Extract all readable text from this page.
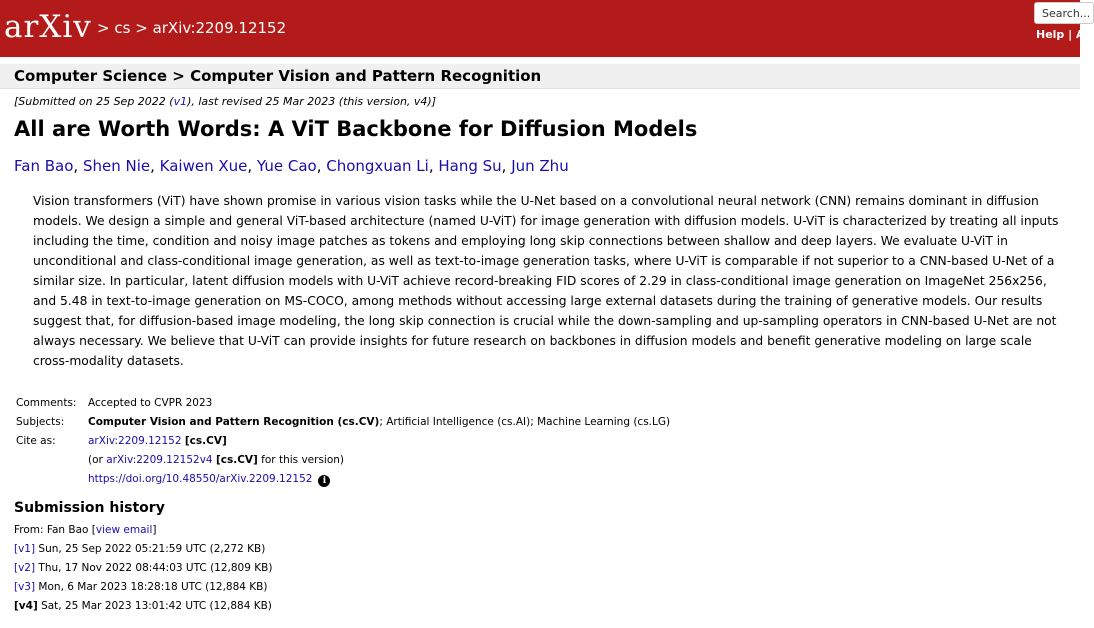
arXiv > cs > arXiv:2209.12152
Search...
Help | A
Computer Science > Computer Vision and Pattern Recognition
[Submitted on 25 Sep 2022 (v1), last revised 25 Mar 2023 (this version, v4)]
All are Worth Words: A ViT Backbone for Diffusion Models
Fan Bao, Shen Nie, Kaiwen Xue, Yue Cao, Chongxuan Li, Hang Su, Jun Zhu
Vision transformers (ViT) have shown promise in various vision tasks while the U-Net based on a convolutional neural network (CNN) remains dominant in diffusion models. We design a simple and general ViT-based architecture (named U-ViT) for image generation with diffusion models. U-ViT is characterized by treating all inputs including the time, condition and noisy image patches as tokens and employing long skip connections between shallow and deep layers. We evaluate U-ViT in unconditional and class-conditional image generation, as well as text-to-image generation tasks, where U-ViT is comparable if not superior to a CNN-based U-Net of a similar size. In particular, latent diffusion models with U-ViT achieve record-breaking FID scores of 2.29 in class-conditional image generation on ImageNet 256x256, and 5.48 in text-to-image generation on MS-COCO, among methods without accessing large external datasets during the training of generative models. Our results suggest that, for diffusion-based image modeling, the long skip connection is crucial while the down-sampling and up-sampling operators in CNN-based U-Net are not always necessary. We believe that U-ViT can provide insights for future research on backbones in diffusion models and benefit generative modeling on large scale cross-modality datasets.
Comments: Accepted to CVPR 2023
Subjects: Computer Vision and Pattern Recognition (cs.CV); Artificial Intelligence (cs.AI); Machine Learning (cs.LG)
Cite as:	arXiv:2209.12152 [cs.CV]
(or arXiv:2209.12152v4 [cs.CV] for this version)
https://doi.org/10.48550/arXiv.2209.12152 i
Submission history
From: Fan Bao [view email]
[v1] Sun, 25 Sep 2022 05:21:59 UTC (2,272 KB)
[v2] Thu, 17 Nov 2022 08:44:03 UTC (12,809 KB)
[v3] Mon, 6 Mar 2023 18:28:18 UTC (12,884 KB)
[v4] Sat, 25 Mar 2023 13:01:42 UTC (12,884 KB)
